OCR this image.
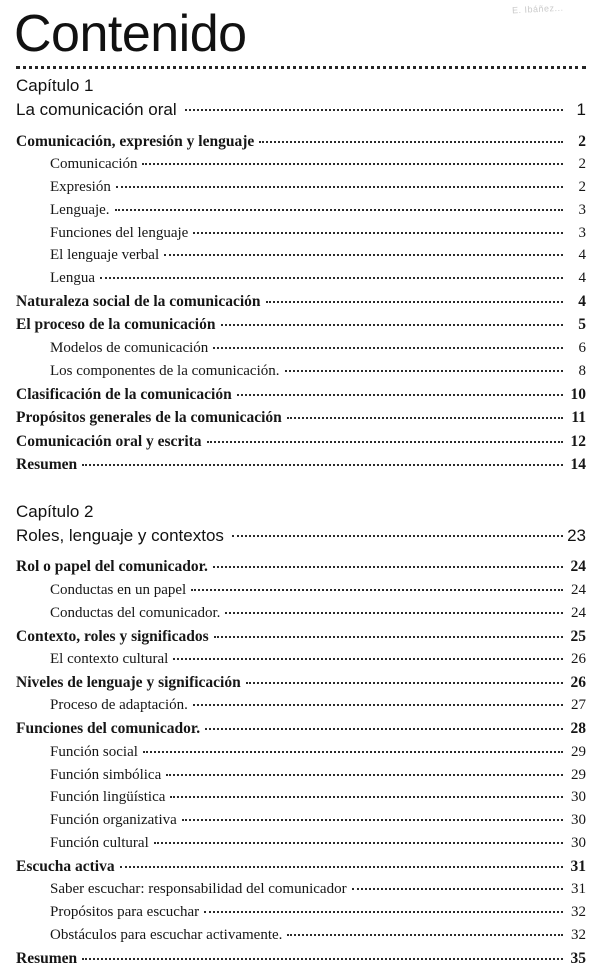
E. Ibáñez...
Contenido
Capítulo 1
La comunicación oral	1
Comunicación, expresión y lenguaje	2
Comunicación	2
Expresión	2
Lenguaje.	3
Funciones del lenguaje	3
El lenguaje verbal	4
Lengua	4
Naturaleza social de la comunicación	4
El proceso de la comunicación	5
Modelos de comunicación	6
Los componentes de la comunicación.	8
Clasificación de la comunicación	10
Propósitos generales de la comunicación	11
Comunicación oral y escrita	12
Resumen	14
Capítulo 2
Roles, lenguaje y contextos	23
Rol o papel del comunicador.	24
Conductas en un papel	24
Conductas del comunicador.	24
Contexto, roles y significados	25
El contexto cultural	26
Niveles de lenguaje y significación	26
Proceso de adaptación.	27
Funciones del comunicador.	28
Función social	29
Función simbólica	29
Función lingüística	30
Función organizativa	30
Función cultural	30
Escucha activa	31
Saber escuchar: responsabilidad del comunicador	31
Propósitos para escuchar	32
Obstáculos para escuchar activamente.	32
Resumen	35
